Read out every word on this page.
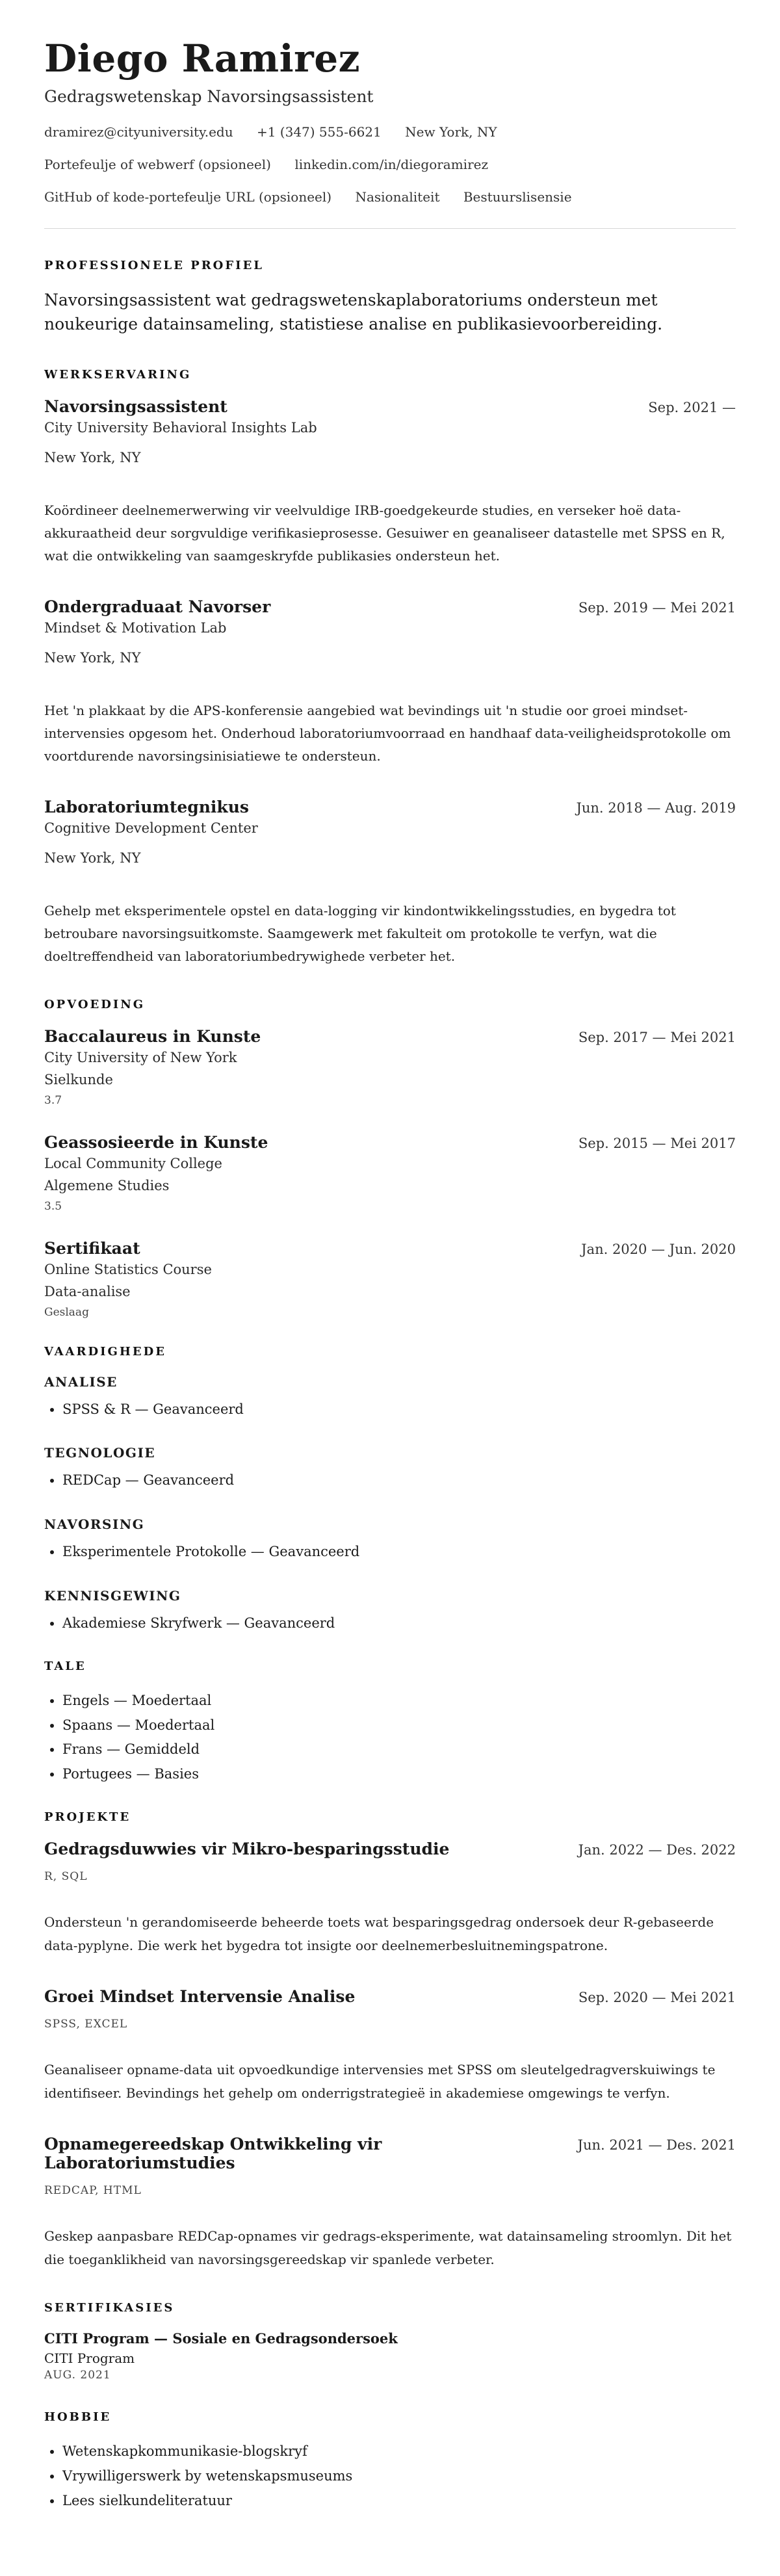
Diego Ramirez
Gedragswetenskap Navorsingsassistent
dramirez@cityuniversity.edu +1 (347) 555-6621 New York, NY
Portefeulje of webwerf (opsioneel) linkedin.com/in/diegoramirez
GitHub of kode-portefeulje URL (opsioneel) Nasionaliteit Bestuurslisensie
PROFESSIONELE PROFIEL

Navorsingsassistent wat gedragswetenskaplaboratoriums ondersteun met noukeurige datainsameling, statistiese analise en publikasievoorbereiding.

WERKSERVARING
Navorsingsassistent	Sep. 2021 —
City University Behavioral Insights Lab
New York, NY
Koördineer deelnemerwerwing vir veelvuldige IRB-goedgekeurde studies, en verseker hoë data-akkuraatheid deur sorgvuldige verifikasieprosesse. Gesuiwer en geanaliseer datastelle met SPSS en R, wat die ontwikkeling van saamgeskryfde publikasies ondersteun het.
Ondergraduaat Navorser	Sep. 2019 — Mei 2021
Mindset & Motivation Lab
New York, NY
Het 'n plakkaat by die APS-konferensie aangebied wat bevindings uit 'n studie oor groei mindset-intervensies opgesom het. Onderhoud laboratoriumvoorraad en handhaaf data-veiligheidsprotokolle om voortdurende navorsingsinisiatiewe te ondersteun.
Laboratoriumtegnikus	Jun. 2018 — Aug. 2019
Cognitive Development Center
New York, NY
Gehelp met eksperimentele opstel en data-logging vir kindontwikkelingsstudies, en bygedra tot betroubare navorsingsuitkomste. Saamgewerk met fakulteit om protokolle te verfyn, wat die doeltreffendheid van laboratoriumbedrywighede verbeter het.
OPVOEDING
Baccalaureus in Kunste	Sep. 2017 — Mei 2021
City University of New York
Sielkunde
3.7
Geassosieerde in Kunste	Sep. 2015 — Mei 2017
Local Community College
Algemene Studies
3.5
Sertifikaat	Jan. 2020 — Jun. 2020
Online Statistics Course
Data-analise
Geslaag
VAARDIGHEDE
ANALISE
• SPSS & R — Geavanceerd
TEGNOLOGIE
• REDCap — Geavanceerd
NAVORSING
• Eksperimentele Protokolle — Geavanceerd
KENNISGEWING
• Akademiese Skryfwerk — Geavanceerd
TALE
• Engels — Moedertaal
• Spaans — Moedertaal
• Frans — Gemiddeld
• Portugees — Basies
PROJEKTE
Gedragsduwwies vir Mikro-besparingsstudie	Jan. 2022 — Des. 2022
R, SQL
Ondersteun 'n gerandomiseerde beheerde toets wat besparingsgedrag ondersoek deur R-gebaseerde data-pyplyne. Die werk het bygedra tot insigte oor deelnemerbesluitnemingspatrone.
Groei Mindset Intervensie Analise	Sep. 2020 — Mei 2021
SPSS, EXCEL
Geanaliseer opname-data uit opvoedkundige intervensies met SPSS om sleutelgedragverskuiwings te identifiseer. Bevindings het gehelp om onderrigstrategieë in akademiese omgewings te verfyn.
Opnamegereedskap Ontwikkeling vir Laboratoriumstudies
Jun. 2021 — Des. 2021
REDCAP, HTML
Geskep aanpasbare REDCap-opnames vir gedrags-eksperimente, wat datainsameling stroomlyn. Dit het die toeganklikheid van navorsingsgereedskap vir spanlede verbeter.
SERTIFIKASIES
CITI Program — Sosiale en Gedragsondersoek
CITI Program
AUG. 2021
HOBBIE
• Wetenskapkommunikasie-blogskryf
• Vrywilligerswerk by wetenskapsmuseums
• Lees sielkundeliteratuur
